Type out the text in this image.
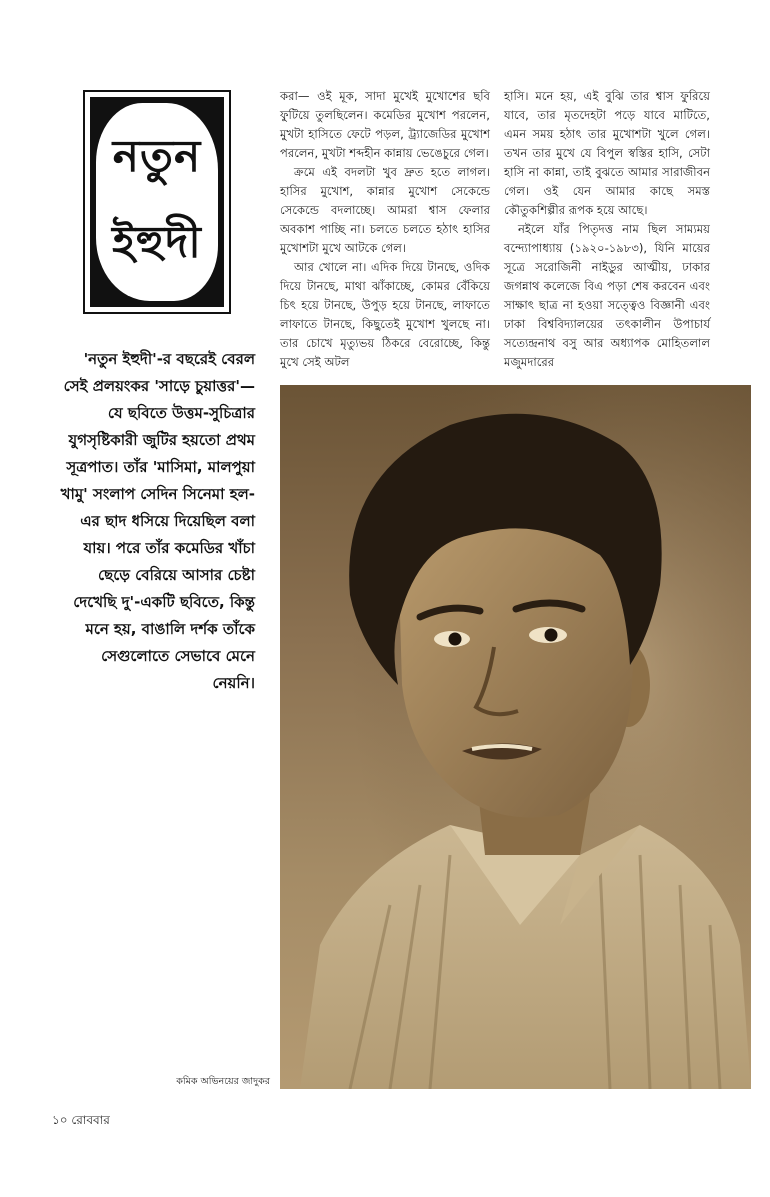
নতুন
ইহুদী

করা— ওই মূক, সাদা মুখেই মুখোশের ছবি ফুটিয়ে তুলছিলেন। কমেডির মুখোশ পরলেন, মুখটা হাসিতে ফেটে পড়ল, ট্র্যাজেডির মুখোশ পরলেন, মুখটা শব্দহীন কান্নায় ভেঙেচুরে গেল।

ক্রমে এই বদলটা খুব দ্রুত হতে লাগল। হাসির মুখোশ, কান্নার মুখোশ সেকেন্ডে সেকেন্ডে বদলাচ্ছে। আমরা শ্বাস ফেলার অবকাশ পাচ্ছি না। চলতে চলতে হঠাৎ হাসির মুখোশটা মুখে আটকে গেল।

আর খোলে না। এদিক দিয়ে টানছে, ওদিক দিয়ে টানছে, মাথা ঝাঁকাচ্ছে, কোমর বেঁকিয়ে চিৎ হয়ে টানছে, উপুড় হয়ে টানছে, লাফাতে লাফাতে টানছে, কিছুতেই মুখোশ খুলছে না। তার চোখে মৃত্যুভয় ঠিকরে বেরোচ্ছে, কিন্তু মুখে সেই অটল

হাসি। মনে হয়, এই বুঝি তার শ্বাস ফুরিয়ে যাবে, তার মৃতদেহটা পড়ে যাবে মাটিতে, এমন সময় হঠাৎ তার মুখোশটা খুলে গেল। তখন তার মুখে যে বিপুল স্বস্তির হাসি, সেটা হাসি না কান্না, তাই বুঝতে আমার সারাজীবন গেল। ওই যেন আমার কাছে সমস্ত কৌতুকশিল্পীর রূপক হয়ে আছে।

নইলে যাঁর পিতৃদত্ত নাম ছিল সাম্যময় বন্দ্যোপাধ্যায় (১৯২০-১৯৮৩), যিনি মায়ের সূত্রে সরোজিনী নাইডুর আত্মীয়, ঢাকার জগন্নাথ কলেজে বিএ পড়া শেষ করবেন এবং সাক্ষাৎ ছাত্র না হওয়া সত্ত্বেও বিজ্ঞানী এবং ঢাকা বিশ্ববিদ্যালয়ের তৎকালীন উপাচার্য সত্যেন্দ্রনাথ বসু আর অধ্যাপক মোহিতলাল মজুমদারের

'নতুন ইহুদী'-র বছরেই বেরল সেই প্রলয়ংকর 'সাড়ে চুয়াত্তর'— যে ছবিতে উত্তম-সুচিত্রার যুগসৃষ্টিকারী জুটির হয়তো প্রথম সূত্রপাত। তাঁর 'মাসিমা, মালপুয়া খামু' সংলাপ সেদিন সিনেমা হল-এর ছাদ ধসিয়ে দিয়েছিল বলা যায়। পরে তাঁর কমেডির খাঁচা ছেড়ে বেরিয়ে আসার চেষ্টা দেখেছি দু'-একটি ছবিতে, কিন্তু মনে হয়, বাঙালি দর্শক তাঁকে সেগুলোতে সেভাবে মেনে নেয়নি।
কমিক অভিনয়ের জাদুকর
১০ রোববার
